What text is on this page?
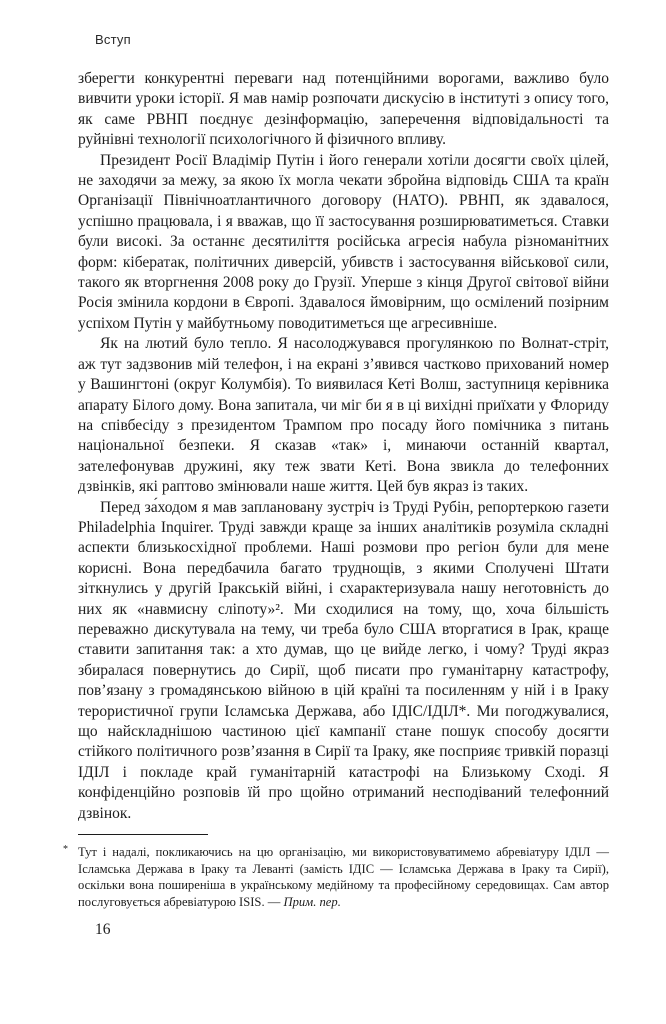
Вступ

зберегти конкурентні переваги над потенційними ворогами, важливо було вивчити уроки історії. Я мав намір розпочати дискусію в інституті з опису того, як саме РВНП поєднує дезінформацію, заперечення відповідальності та руйнівні технології психологічного й фізичного впливу.

Президент Росії Владімір Путін і його генерали хотіли досягти своїх цілей, не заходячи за межу, за якою їх могла чекати збройна відповідь США та країн Організації Північноатлантичного договору (НАТО). РВНП, як здавалося, успішно працювала, і я вважав, що її застосування розширюватиметься. Ставки були високі. За останнє десятиліття російська агресія набула різноманітних форм: кібератак, політичних диверсій, убивств і застосування військової сили, такого як вторгнення 2008 року до Грузії. Уперше з кінця Другої світової війни Росія змінила кордони в Європі. Здавалося ймовірним, що осмілений позірним успіхом Путін у майбутньому поводитиметься ще агресивніше.

Як на лютий було тепло. Я насолоджувався прогулянкою по Волнат-стріт, аж тут задзвонив мій телефон, і на екрані з’явився частково прихований номер у Вашингтоні (округ Колумбія). То виявилася Кеті Волш, заступниця керівника апарату Білого дому. Вона запитала, чи міг би я в ці вихідні приїхати у Флориду на співбесіду з президентом Трампом про посаду його помічника з питань національної безпеки. Я сказав «так» і, минаючи останній квартал, зателефонував дружині, яку теж звати Кеті. Вона звикла до телефонних дзвінків, які раптово змінювали наше життя. Цей був якраз із таких.

Перед за́ходом я мав заплановану зустріч із Труді Рубін, репортеркою газети Philadelphia Inquirer. Труді завжди краще за інших аналітиків розуміла складні аспекти близькосхідної проблеми. Наші розмови про регіон були для мене корисні. Вона передбачила багато труднощів, з якими Сполучені Штати зіткнулись у другій Іракській війні, і схарактеризувала нашу неготовність до них як «навмисну сліпоту»². Ми сходилися на тому, що, хоча більшість переважно дискутувала на тему, чи треба було США вторгатися в Ірак, краще ставити запитання так: а хто думав, що це вийде легко, і чому? Труді якраз збиралася повернутись до Сирії, щоб писати про гуманітарну катастрофу, пов’язану з громадянською війною в цій країні та посиленням у ній і в Іраку терористичної групи Ісламська Держава, або ІДІС/ІДІЛ*. Ми погоджувалися, що найскладнішою частиною цієї кампанії стане пошук способу досягти стійкого політичного розв’язання в Сирії та Іраку, яке посприяє тривкій поразці ІДІЛ і покладе край гуманітарній катастрофі на Близькому Сході. Я конфіденційно розповів їй про щойно отриманий несподіваний телефонний дзвінок.

* Тут і надалі, покликаючись на цю організацію, ми використовуватимемо абревіатуру ІДІЛ — Ісламська Держава в Іраку та Леванті (замість ІДІС — Ісламська Держава в Іраку та Сирії), оскільки вона поширеніша в українському медійному та професійному середовищах. Сам автор послуговується абревіатурою ISIS. — Прим. пер.
16
